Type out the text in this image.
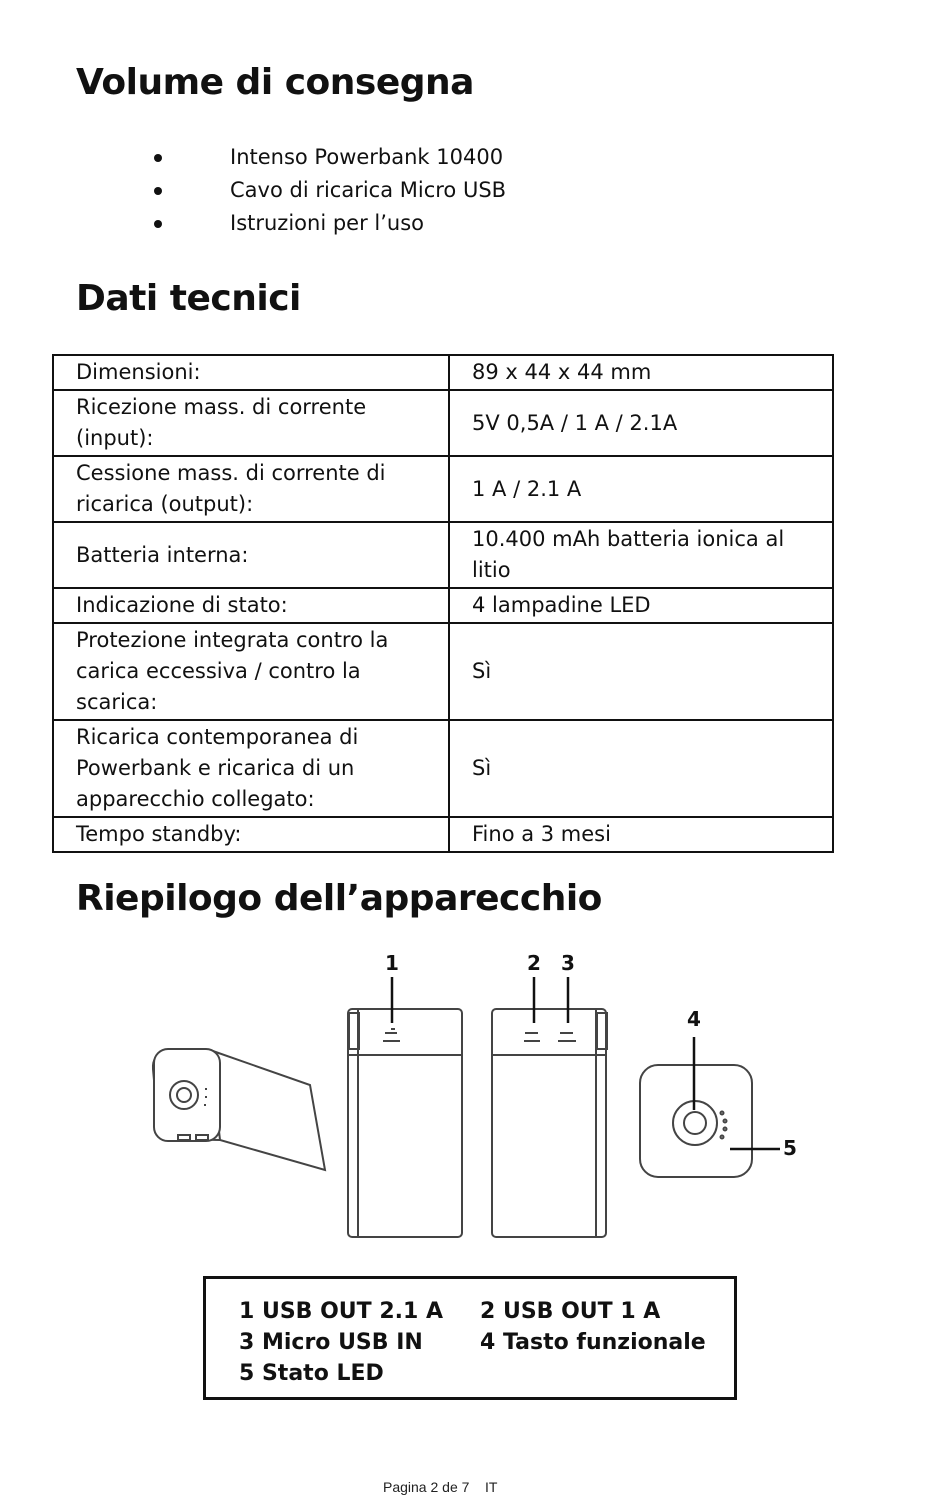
Volume di consegna
Intenso Powerbank 10400
Cavo di ricarica Micro USB
Istruzioni per l’uso
Dati tecnici
Dimensioni:	89 x 44 x 44 mm
Ricezione mass. di corrente (input):	5V 0,5A / 1 A / 2.1A
Cessione mass. di corrente di ricarica (output):	1 A / 2.1 A
Batteria interna:	10.400 mAh batteria ionica al litio
Indicazione di stato:	4 lampadine LED
Protezione integrata contro la carica eccessiva / contro la scarica:	Sì
Ricarica contemporanea di Powerbank e ricarica di un apparecchio collegato:	Sì
Tempo standby:	Fino a 3 mesi
Riepilogo dell’apparecchio
1	2 3
4
5
1 USB OUT 2.1 A 2 USB OUT 1 A
3 Micro USB IN	4 Tasto funzionale
5 Stato LED
Pagina 2 de 7    IT
